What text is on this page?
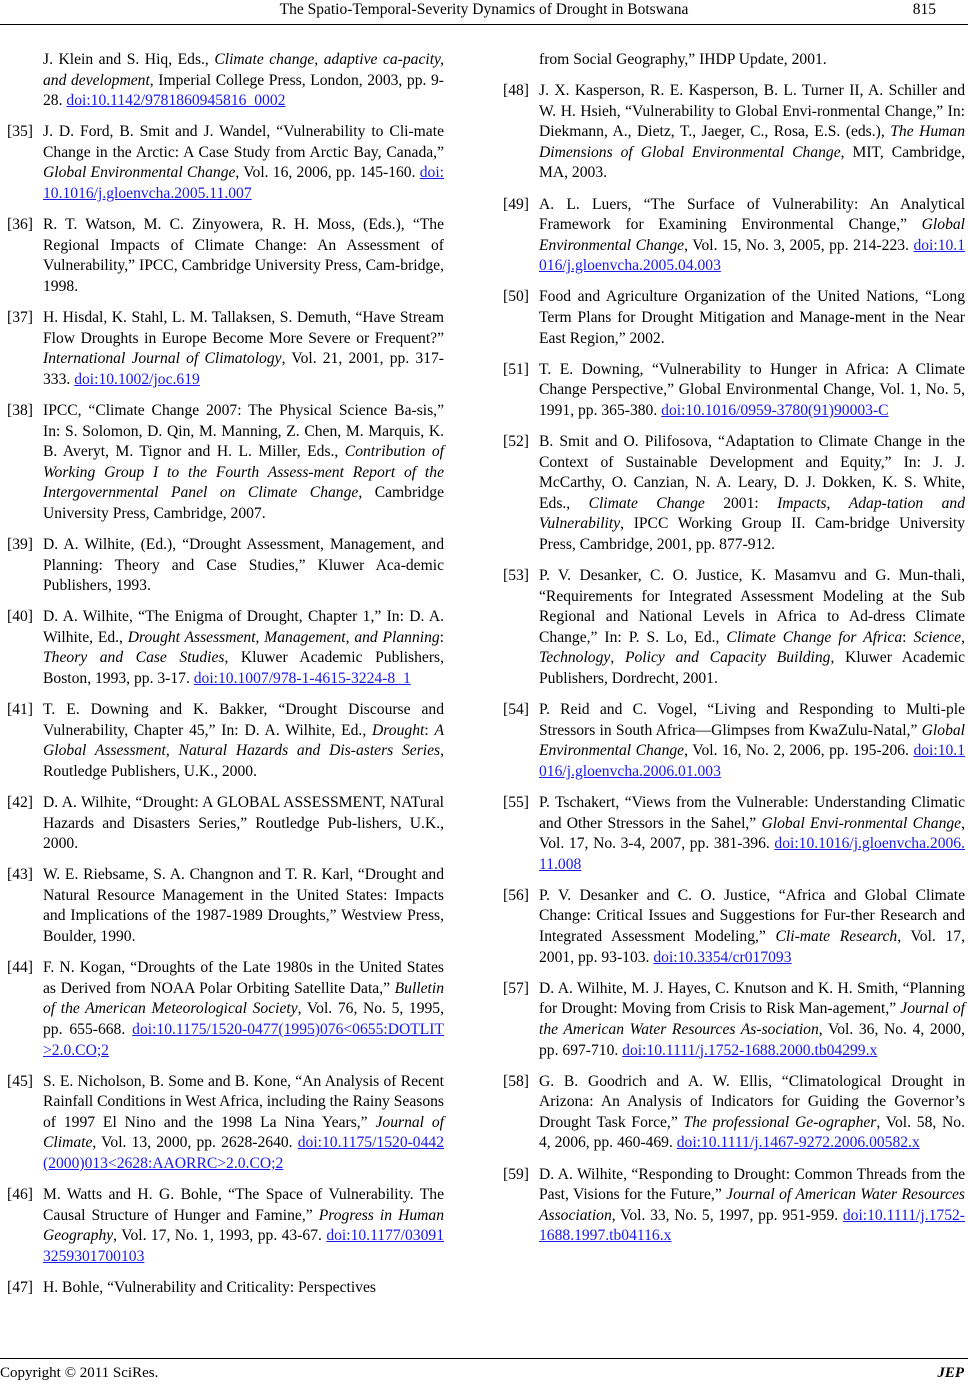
The Spatio-Temporal-Severity Dynamics of Drought in Botswana	815
J. Klein and S. Hiq, Eds., Climate change, adaptive ca-pacity, and development, Imperial College Press, London, 2003, pp. 9-28. doi:10.1142/9781860945816_0002
[35] J. D. Ford, B. Smit and J. Wandel, “Vulnerability to Cli-mate Change in the Arctic: A Case Study from Arctic Bay, Canada,” Global Environmental Change, Vol. 16, 2006, pp. 145-160. doi:10.1016/j.gloenvcha.2005.11.007
[36] R. T. Watson, M. C. Zinyowera, R. H. Moss, (Eds.), “The Regional Impacts of Climate Change: An Assessment of Vulnerability,” IPCC, Cambridge University Press, Cam-bridge, 1998.
[37] H. Hisdal, K. Stahl, L. M. Tallaksen, S. Demuth, “Have Stream Flow Droughts in Europe Become More Severe or Frequent?” International Journal of Climatology, Vol. 21, 2001, pp. 317-333. doi:10.1002/joc.619
[38] IPCC, “Climate Change 2007: The Physical Science Ba-sis,” In: S. Solomon, D. Qin, M. Manning, Z. Chen, M. Marquis, K. B. Averyt, M. Tignor and H. L. Miller, Eds., Contribution of Working Group I to the Fourth Assess-ment Report of the Intergovernmental Panel on Climate Change, Cambridge University Press, Cambridge, 2007.
[39] D. A. Wilhite, (Ed.), “Drought Assessment, Management, and Planning: Theory and Case Studies,” Kluwer Aca-demic Publishers, 1993.
[40] D. A. Wilhite, “The Enigma of Drought, Chapter 1,” In: D. A. Wilhite, Ed., Drought Assessment, Management, and Planning: Theory and Case Studies, Kluwer Academic Publishers, Boston, 1993, pp. 3-17. doi:10.1007/978-1-4615-3224-8_1
[41] T. E. Downing and K. Bakker, “Drought Discourse and Vulnerability, Chapter 45,” In: D. A. Wilhite, Ed., Drought: A Global Assessment, Natural Hazards and Dis-asters Series, Routledge Publishers, U.K., 2000.
[42] D. A. Wilhite, “Drought: A GLOBAL ASSESSMENT, NATural Hazards and Disasters Series,” Routledge Pub-lishers, U.K., 2000.
[43] W. E. Riebsame, S. A. Changnon and T. R. Karl, “Drought and Natural Resource Management in the United States: Impacts and Implications of the 1987-1989 Droughts,” Westview Press, Boulder, 1990.
[44] F. N. Kogan, “Droughts of the Late 1980s in the United States as Derived from NOAA Polar Orbiting Satellite Data,” Bulletin of the American Meteorological Society, Vol. 76, No. 5, 1995, pp. 655-668. doi:10.1175/1520-0477(1995)076<0655:DOTLIT>2.0.CO;2
[45] S. E. Nicholson, B. Some and B. Kone, “An Analysis of Recent Rainfall Conditions in West Africa, including the Rainy Seasons of 1997 El Nino and the 1998 La Nina Years,” Journal of Climate, Vol. 13, 2000, pp. 2628-2640. doi:10.1175/1520-0442(2000)013<2628:AAORRC>2.0.CO;2
[46] M. Watts and H. G. Bohle, “The Space of Vulnerability. The Causal Structure of Hunger and Famine,” Progress in Human Geography, Vol. 17, No. 1, 1993, pp. 43-67. doi:10.1177/030913259301700103
[47] H. Bohle, “Vulnerability and Criticality: Perspectives
from Social Geography,” IHDP Update, 2001.
[48] J. X. Kasperson, R. E. Kasperson, B. L. Turner II, A. Schiller and W. H. Hsieh, “Vulnerability to Global Envi-ronmental Change,” In: Diekmann, A., Dietz, T., Jaeger, C., Rosa, E.S. (eds.), The Human Dimensions of Global Environmental Change, MIT, Cambridge, MA, 2003.
[49] A. L. Luers, “The Surface of Vulnerability: An Analytical Framework for Examining Environmental Change,” Global Environmental Change, Vol. 15, No. 3, 2005, pp. 214-223. doi:10.1016/j.gloenvcha.2005.04.003
[50] Food and Agriculture Organization of the United Nations, “Long Term Plans for Drought Mitigation and Manage-ment in the Near East Region,” 2002.
[51] T. E. Downing, “Vulnerability to Hunger in Africa: A Climate Change Perspective,” Global Environmental Change, Vol. 1, No. 5, 1991, pp. 365-380. doi:10.1016/0959-3780(91)90003-C
[52] B. Smit and O. Pilifosova, “Adaptation to Climate Change in the Context of Sustainable Development and Equity,” In: J. J. McCarthy, O. Canzian, N. A. Leary, D. J. Dokken, K. S. White, Eds., Climate Change 2001: Impacts, Adap-tation and Vulnerability, IPCC Working Group II. Cam-bridge University Press, Cambridge, 2001, pp. 877-912.
[53] P. V. Desanker, C. O. Justice, K. Masamvu and G. Mun-thali, “Requirements for Integrated Assessment Modeling at the Sub Regional and National Levels in Africa to Ad-dress Climate Change,” In: P. S. Lo, Ed., Climate Change for Africa: Science, Technology, Policy and Capacity Building, Kluwer Academic Publishers, Dordrecht, 2001.
[54] P. Reid and C. Vogel, “Living and Responding to Multi-ple Stressors in South Africa—Glimpses from KwaZulu-Natal,” Global Environmental Change, Vol. 16, No. 2, 2006, pp. 195-206. doi:10.1016/j.gloenvcha.2006.01.003
[55] P. Tschakert, “Views from the Vulnerable: Understanding Climatic and Other Stressors in the Sahel,” Global Envi-ronmental Change, Vol. 17, No. 3-4, 2007, pp. 381-396. doi:10.1016/j.gloenvcha.2006.11.008
[56] P. V. Desanker and C. O. Justice, “Africa and Global Climate Change: Critical Issues and Suggestions for Fur-ther Research and Integrated Assessment Modeling,” Cli-mate Research, Vol. 17, 2001, pp. 93-103. doi:10.3354/cr017093
[57] D. A. Wilhite, M. J. Hayes, C. Knutson and K. H. Smith, “Planning for Drought: Moving from Crisis to Risk Man-agement,” Journal of the American Water Resources As-sociation, Vol. 36, No. 4, 2000, pp. 697-710. doi:10.1111/j.1752-1688.2000.tb04299.x
[58] G. B. Goodrich and A. W. Ellis, “Climatological Drought in Arizona: An Analysis of Indicators for Guiding the Governor’s Drought Task Force,” The professional Ge-ographer, Vol. 58, No. 4, 2006, pp. 460-469. doi:10.1111/j.1467-9272.2006.00582.x
[59] D. A. Wilhite, “Responding to Drought: Common Threads from the Past, Visions for the Future,” Journal of American Water Resources Association, Vol. 33, No. 5, 1997, pp. 951-959. doi:10.1111/j.1752-1688.1997.tb04116.x
Copyright © 2011 SciRes.	JEP
